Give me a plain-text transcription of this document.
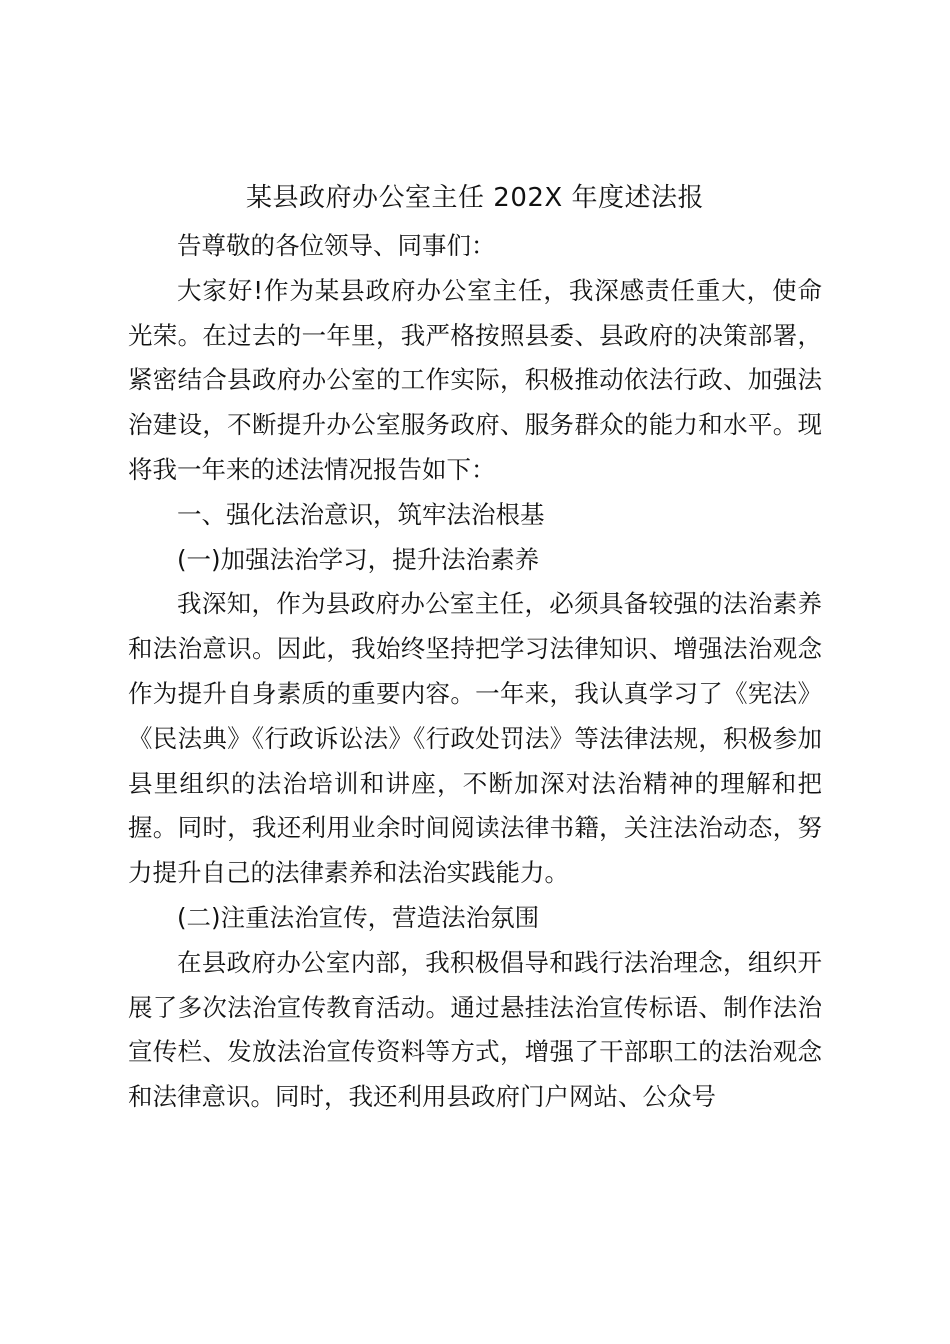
某县政府办公室主任 202X 年度述法报

告尊敬的各位领导、同事们：

大家好!作为某县政府办公室主任，我深感责任重大，使命光荣。在过去的一年里，我严格按照县委、县政府的决策部署，紧密结合县政府办公室的工作实际，积极推动依法行政、加强法治建设，不断提升办公室服务政府、服务群众的能力和水平。现将我一年来的述法情况报告如下：

一、强化法治意识，筑牢法治根基

(一)加强法治学习，提升法治素养

我深知，作为县政府办公室主任，必须具备较强的法治素养和法治意识。因此，我始终坚持把学习法律知识、增强法治观念作为提升自身素质的重要内容。一年来，我认真学习了《宪法》《民法典》《行政诉讼法》《行政处罚法》等法律法规，积极参加县里组织的法治培训和讲座，不断加深对法治精神的理解和把握。同时，我还利用业余时间阅读法律书籍，关注法治动态，努力提升自己的法律素养和法治实践能力。

(二)注重法治宣传，营造法治氛围

在县政府办公室内部，我积极倡导和践行法治理念，组织开展了多次法治宣传教育活动。通过悬挂法治宣传标语、制作法治宣传栏、发放法治宣传资料等方式，增强了干部职工的法治观念和法律意识。同时，我还利用县政府门户网站、公众号
